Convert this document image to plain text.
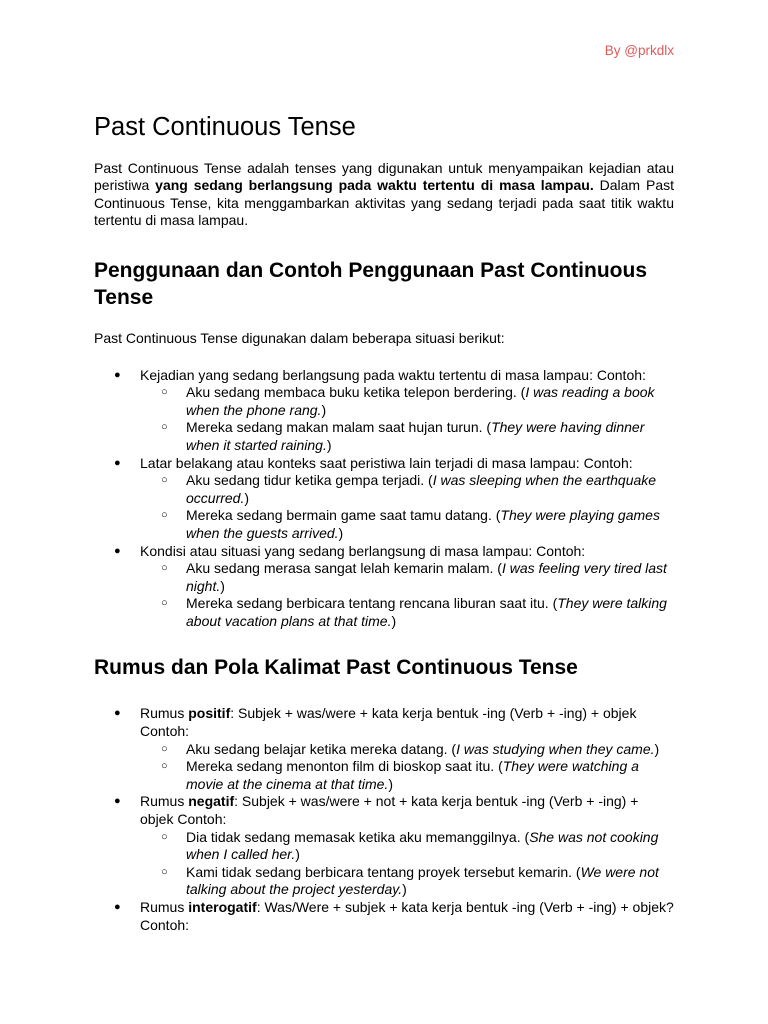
By @prkdlx
Past Continuous Tense

Past Continuous Tense adalah tenses yang digunakan untuk menyampaikan kejadian atau peristiwa yang sedang berlangsung pada waktu tertentu di masa lampau. Dalam Past Continuous Tense, kita menggambarkan aktivitas yang sedang terjadi pada saat titik waktu tertentu di masa lampau.

Penggunaan dan Contoh Penggunaan Past Continuous Tense

Past Continuous Tense digunakan dalam beberapa situasi berikut:

● Kejadian yang sedang berlangsung pada waktu tertentu di masa lampau: Contoh:
○ Aku sedang membaca buku ketika telepon berdering. (I was reading a book when the phone rang.)
○ Mereka sedang makan malam saat hujan turun. (They were having dinner when it started raining.)
● Latar belakang atau konteks saat peristiwa lain terjadi di masa lampau: Contoh:
○ Aku sedang tidur ketika gempa terjadi. (I was sleeping when the earthquake occurred.)
○ Mereka sedang bermain game saat tamu datang. (They were playing games when the guests arrived.)
● Kondisi atau situasi yang sedang berlangsung di masa lampau: Contoh:
○ Aku sedang merasa sangat lelah kemarin malam. (I was feeling very tired last night.)
○ Mereka sedang berbicara tentang rencana liburan saat itu. (They were talking about vacation plans at that time.)
Rumus dan Pola Kalimat Past Continuous Tense
● Rumus positif: Subjek + was/were + kata kerja bentuk -ing (Verb + -ing) + objek Contoh:
○ Aku sedang belajar ketika mereka datang. (I was studying when they came.)
○ Mereka sedang menonton film di bioskop saat itu. (They were watching a movie at the cinema at that time.)
● Rumus negatif: Subjek + was/were + not + kata kerja bentuk -ing (Verb + -ing) + objek Contoh:
○ Dia tidak sedang memasak ketika aku memanggilnya. (She was not cooking when I called her.)
○ Kami tidak sedang berbicara tentang proyek tersebut kemarin. (We were not talking about the project yesterday.)
● Rumus interogatif: Was/Were + subjek + kata kerja bentuk -ing (Verb + -ing) + objek? Contoh:
